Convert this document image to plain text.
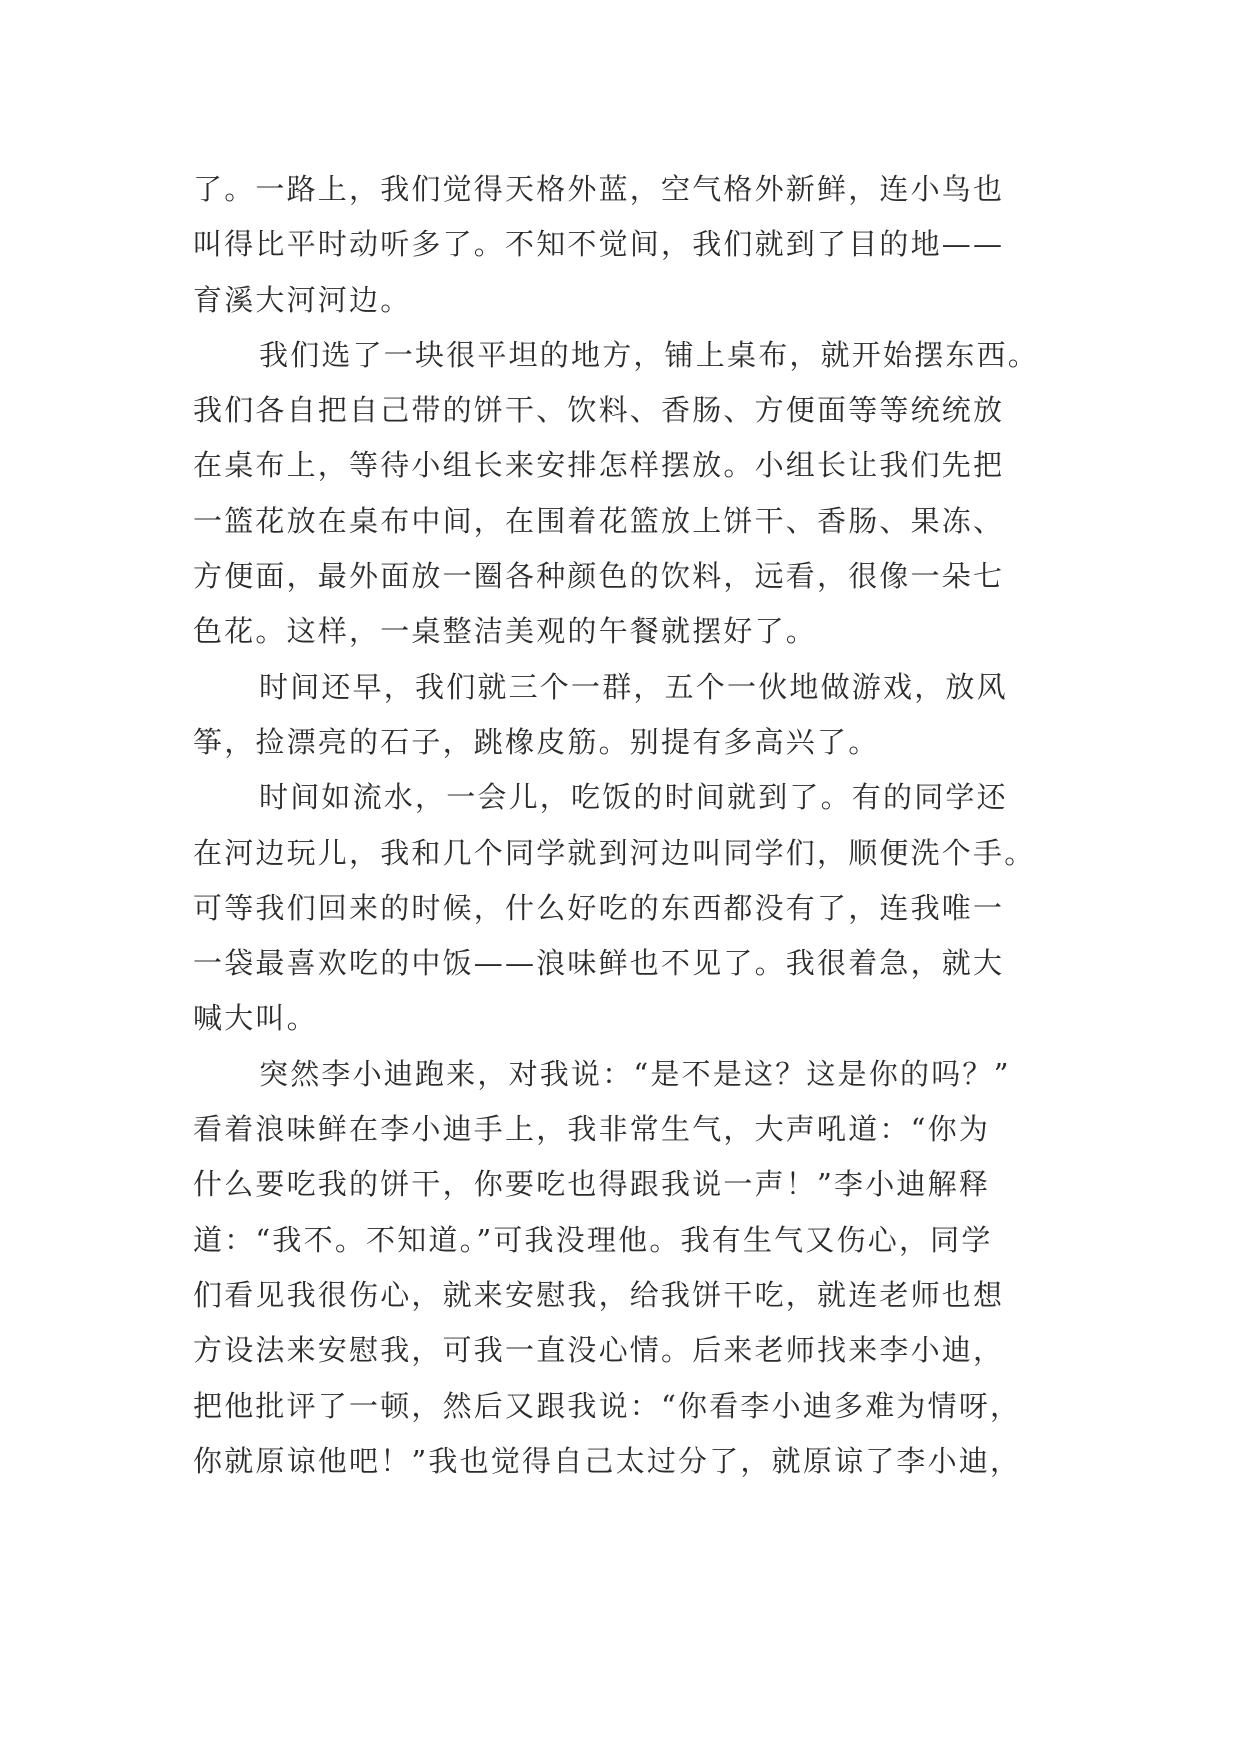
了。一路上，我们觉得天格外蓝，空气格外新鲜，连小鸟也
叫得比平时动听多了。不知不觉间，我们就到了目的地——
育溪大河河边。
我们选了一块很平坦的地方，铺上桌布，就开始摆东西。
我们各自把自己带的饼干、饮料、香肠、方便面等等统统放
在桌布上，等待小组长来安排怎样摆放。小组长让我们先把
一篮花放在桌布中间，在围着花篮放上饼干、香肠、果冻、
方便面，最外面放一圈各种颜色的饮料，远看，很像一朵七
色花。这样，一桌整洁美观的午餐就摆好了。
时间还早，我们就三个一群，五个一伙地做游戏，放风
筝，捡漂亮的石子，跳橡皮筋。别提有多高兴了。
时间如流水，一会儿，吃饭的时间就到了。有的同学还
在河边玩儿，我和几个同学就到河边叫同学们，顺便洗个手。
可等我们回来的时候，什么好吃的东西都没有了，连我唯一
一袋最喜欢吃的中饭——浪味鲜也不见了。我很着急，就大
喊大叫。
突然李小迪跑来，对我说：“是不是这？这是你的吗？”
看着浪味鲜在李小迪手上，我非常生气，大声吼道：“你为
什么要吃我的饼干，你要吃也得跟我说一声！”李小迪解释
道：“我不。不知道。”可我没理他。我有生气又伤心，同学
们看见我很伤心，就来安慰我，给我饼干吃，就连老师也想
方设法来安慰我，可我一直没心情。后来老师找来李小迪，
把他批评了一顿，然后又跟我说：“你看李小迪多难为情呀，
你就原谅他吧！”我也觉得自己太过分了，就原谅了李小迪，
